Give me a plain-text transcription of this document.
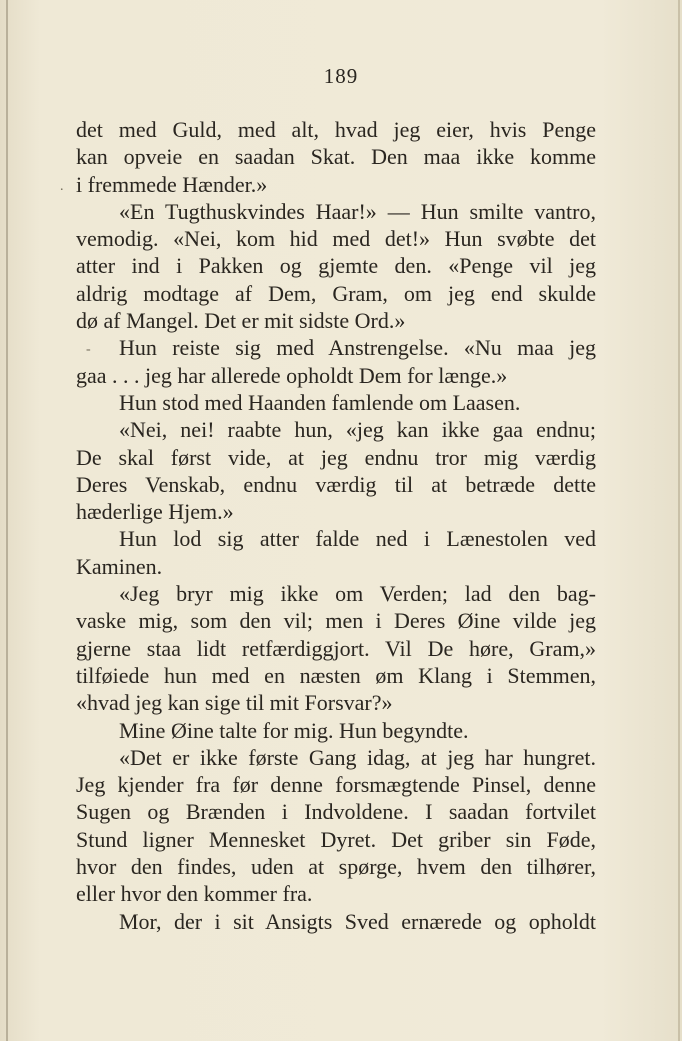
189
.
-
det med Guld, med alt, hvad jeg eier, hvis Penge
kan opveie en saadan Skat. Den maa ikke komme
i fremmede Hænder.»
«En Tugthuskvindes Haar!» — Hun smilte vantro,
vemodig. «Nei, kom hid med det!» Hun svøbte det
atter ind i Pakken og gjemte den. «Penge vil jeg
aldrig modtage af Dem, Gram, om jeg end skulde
dø af Mangel. Det er mit sidste Ord.»
Hun reiste sig med Anstrengelse. «Nu maa jeg
gaa . . . jeg har allerede opholdt Dem for længe.»
Hun stod med Haanden famlende om Laasen.
«Nei, nei! raabte hun, «jeg kan ikke gaa endnu;
De skal først vide, at jeg endnu tror mig værdig
Deres Venskab, endnu værdig til at betræde dette
hæderlige Hjem.»
Hun lod sig atter falde ned i Lænestolen ved
Kaminen.
«Jeg bryr mig ikke om Verden; lad den bag-
vaske mig, som den vil; men i Deres Øine vilde jeg
gjerne staa lidt retfærdiggjort. Vil De høre, Gram,»
tilføiede hun med en næsten øm Klang i Stemmen,
«hvad jeg kan sige til mit Forsvar?»
Mine Øine talte for mig. Hun begyndte.
«Det er ikke første Gang idag, at jeg har hungret.
Jeg kjender fra før denne forsmægtende Pinsel, denne
Sugen og Brænden i Indvoldene. I saadan fortvilet
Stund ligner Mennesket Dyret. Det griber sin Føde,
hvor den findes, uden at spørge, hvem den tilhører,
eller hvor den kommer fra.
Mor, der i sit Ansigts Sved ernærede og opholdt
